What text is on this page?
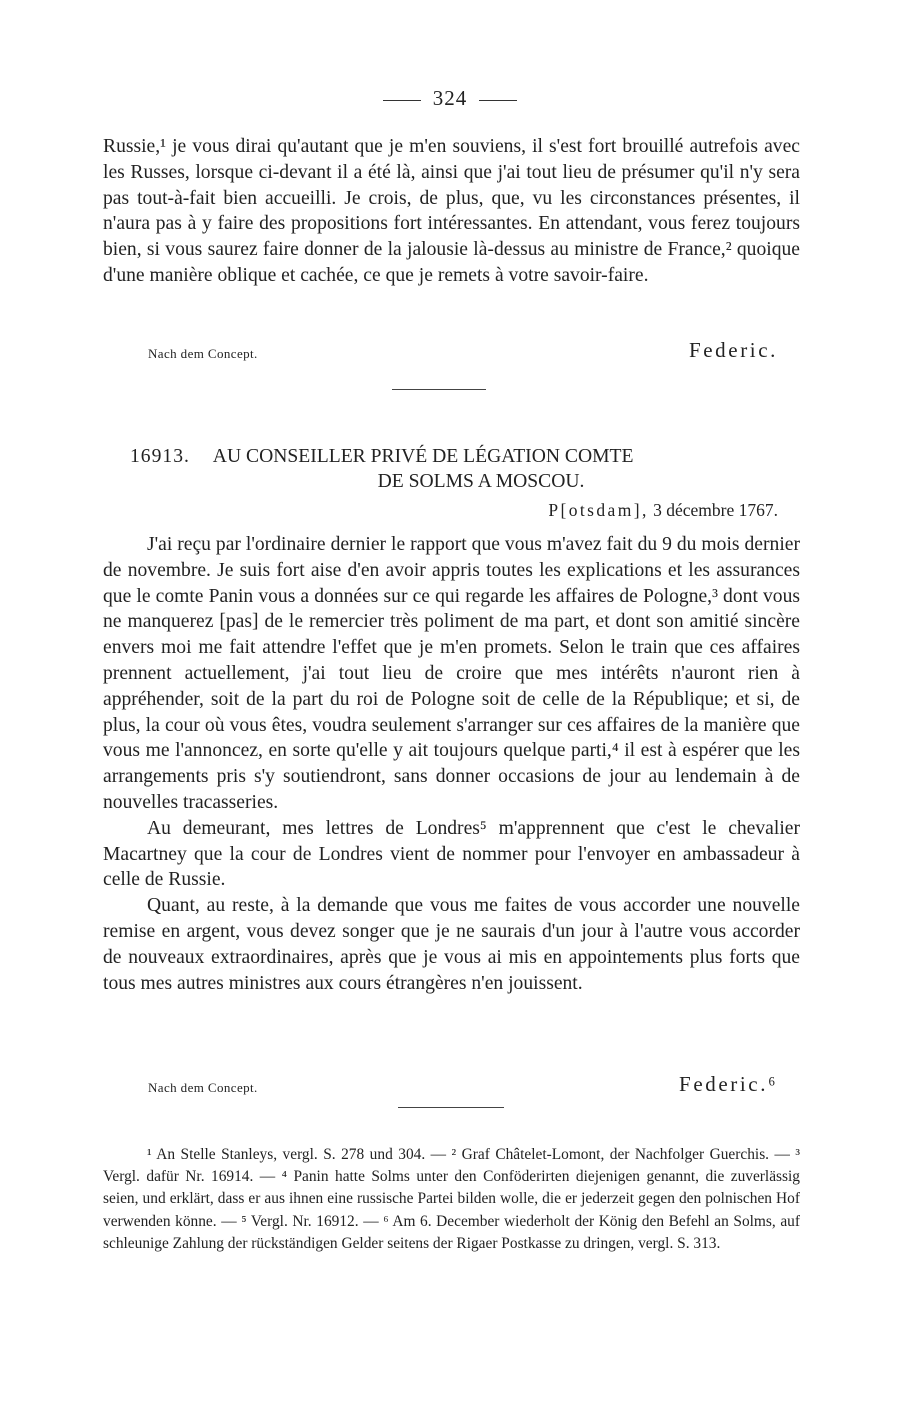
324

Russie,¹ je vous dirai qu'autant que je m'en souviens, il s'est fort brouillé autrefois avec les Russes, lorsque ci-devant il a été là, ainsi que j'ai tout lieu de présumer qu'il n'y sera pas tout-à-fait bien accueilli. Je crois, de plus, que, vu les circonstances présentes, il n'aura pas à y faire des propositions fort intéressantes. En attendant, vous ferez toujours bien, si vous saurez faire donner de la jalousie là-dessus au ministre de France,² quoique d'une manière oblique et cachée, ce que je remets à votre savoir-faire.

Nach dem Concept.	Federic.
16913. AU CONSEILLER PRIVÉ DE LÉGATION COMTE
DE SOLMS A MOSCOU.
P[otsdam], 3 décembre 1767.

J'ai reçu par l'ordinaire dernier le rapport que vous m'avez fait du 9 du mois dernier de novembre. Je suis fort aise d'en avoir appris toutes les explications et les assurances que le comte Panin vous a données sur ce qui regarde les affaires de Pologne,³ dont vous ne manquerez [pas] de le remercier très poliment de ma part, et dont son amitié sincère envers moi me fait attendre l'effet que je m'en promets. Selon le train que ces affaires prennent actuellement, j'ai tout lieu de croire que mes intérêts n'auront rien à appréhender, soit de la part du roi de Pologne soit de celle de la République; et si, de plus, la cour où vous êtes, voudra seulement s'arranger sur ces affaires de la manière que vous me l'annoncez, en sorte qu'elle y ait toujours quelque parti,⁴ il est à espérer que les arrangements pris s'y soutiendront, sans donner occasions de jour au lendemain à de nouvelles tracasseries.

Au demeurant, mes lettres de Londres⁵ m'apprennent que c'est le chevalier Macartney que la cour de Londres vient de nommer pour l'envoyer en ambassadeur à celle de Russie.

Quant, au reste, à la demande que vous me faites de vous accorder une nouvelle remise en argent, vous devez songer que je ne saurais d'un jour à l'autre vous accorder de nouveaux extraordinaires, après que je vous ai mis en appointements plus forts que tous mes autres ministres aux cours étrangères n'en jouissent.

Nach dem Concept.	Federic.⁶

¹ An Stelle Stanleys, vergl. S. 278 und 304. — ² Graf Châtelet-Lomont, der Nachfolger Guerchis. — ³ Vergl. dafür Nr. 16914. — ⁴ Panin hatte Solms unter den Conföderirten diejenigen genannt, die zuverlässig seien, und erklärt, dass er aus ihnen eine russische Partei bilden wolle, die er jederzeit gegen den polnischen Hof verwenden könne. — ⁵ Vergl. Nr. 16912. — ⁶ Am 6. December wiederholt der König den Befehl an Solms, auf schleunige Zahlung der rückständigen Gelder seitens der Rigaer Postkasse zu dringen, vergl. S. 313.
